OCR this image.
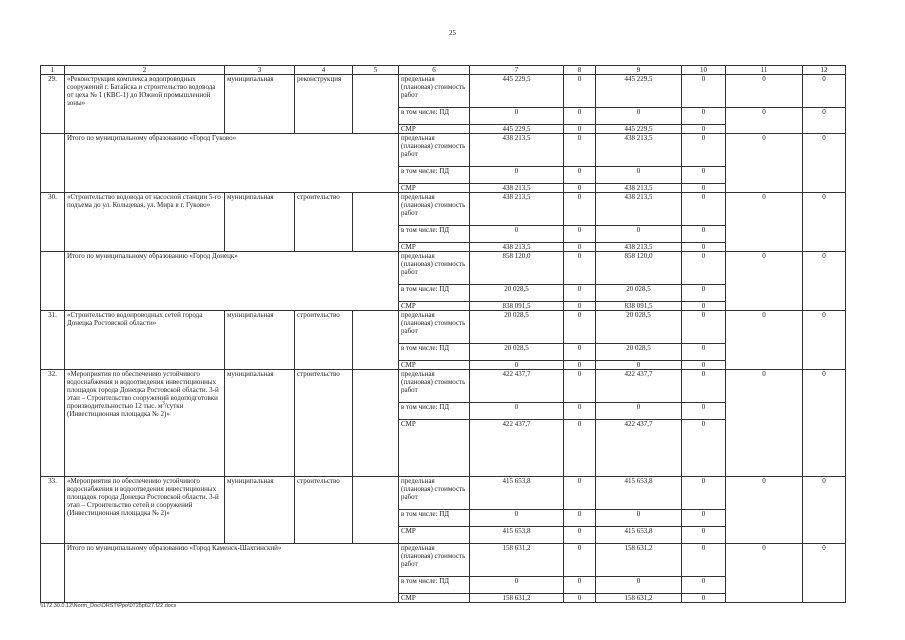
25
1	2	3	4	5	6	7	8	9	10	11	12
29.	«Реконструкция комплекса водопроводных сооружений г. Батайска и строительство водовода от цеха № 1 (КВС-1) до Южной промышленной зоны»	муниципальная	реконструкция		предельная (плановая) стоимость работ	445 229,5	0	445 229,5	0	0	0
					в том числе: ПД	0	0	0	0	0	0
					СМР	445 229,5	0	445 229,5	0		
	Итого по муниципальному образованию «Город Гуково»				предельная (плановая) стоимость работ	438 213,5	0	438 213,5	0	0	0
					в том числе: ПД	0	0	0	0		
					СМР	438 213,5	0	438 213,5	0		
30.	«Строительство водовода от насосной станции 5-го подъема до ул. Кольцевая, ул. Мира в г. Гуково»	муниципальная	строительство		предельная (плановая) стоимость работ	438 213,5	0	438 213,5	0	0	0
					в том числе: ПД	0	0	0	0		
					СМР	438 213,5	0	438 213,5	0		
	Итого по муниципальному образованию «Город Донецк»				предельная (плановая) стоимость работ	858 120,0	0	858 120,0	0	0	0
					в том числе: ПД	20 028,5	0	20 028,5	0		
					СМР	838 091,5	0	838 091,5	0		
31.	«Строительство водопроводных сетей города Донецка Ростовской области»	муниципальная	строительство		предельная (плановая) стоимость работ	20 028,5	0	20 028,5	0	0	0
					в том числе: ПД	20 028,5	0	20 028,5	0		
					СМР	0	0	0	0		
32.	«Мероприятия по обеспечению устойчивого водоснабжения и водоотведения инвестиционных площадок города Донецка Ростовской области. 3-й этап – Строительство сооружений водоподготовки производительностью 12 тыс. $м^3$/сутки (Инвестиционная площадка № 2)»	муниципальная	строительство		предельная (плановая) стоимость работ	422 437,7	0	422 437,7	0	0	0
					в том числе: ПД	0	0	0	0		
					СМР	422 437,7	0	422 437,7	0		
33.	«Мероприятия по обеспечению устойчивого водоснабжения и водоотведения инвестиционных площадок города Донецка Ростовской области. 3-й этап – Строительство сетей и сооружений (Инвестиционная площадка № 2)»	муниципальная	строительство		предельная (плановая) стоимость работ	415 653,8	0	415 653,8	0	0	0
					в том числе: ПД	0	0	0	0		
					СМР	415 653,8	0	415 653,8	0		
	Итого по муниципальному образованию «Город Каменск-Шахтинский»				предельная (плановая) стоимость работ	158 631,2	0	158 631,2	0	0	0
					в том числе: ПД	0	0	0	0		
					СМР	158 631,2	0	158 631,2	0		
\\172.30.0.12\Norm_Doc\ORST\Ppo\0725p627.f22.docx
